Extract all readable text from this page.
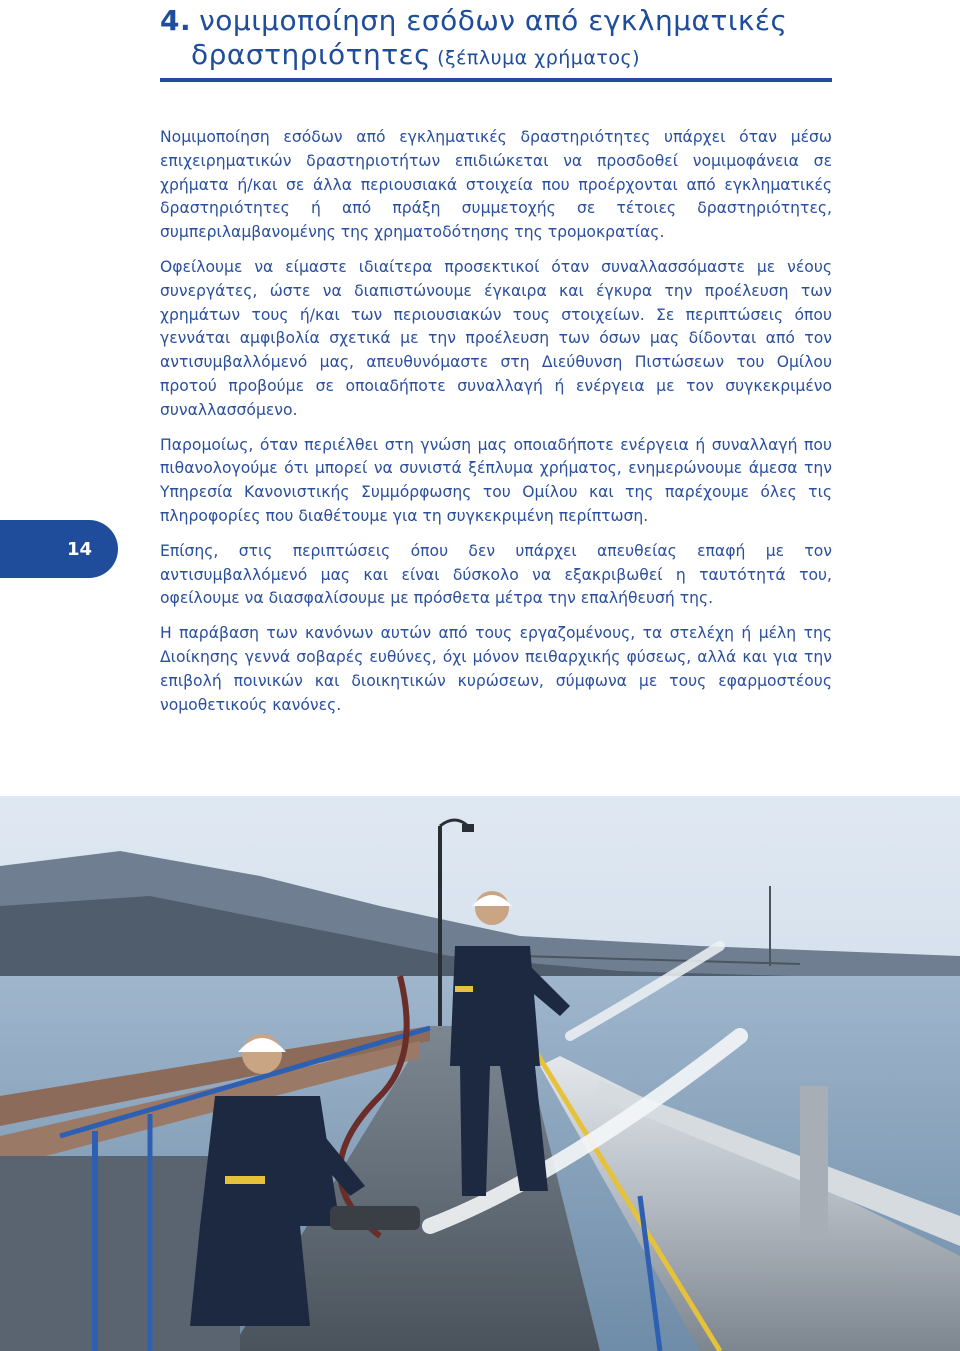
4. νομιμοποίηση εσόδων από εγκληματικές
δραστηριότητες (ξέπλυμα χρήματος)
14

Νομιμοποίηση εσόδων από εγκληματικές δραστηριότητες υπάρχει όταν μέσω επιχειρηματικών δραστηριοτήτων επιδιώκεται να προσδοθεί νομιμοφάνεια σε χρήματα ή/και σε άλλα περιουσιακά στοιχεία που προέρχονται από εγκληματικές δραστηριότητες ή από πράξη συμμετοχής σε τέτοιες δραστηριότητες, συμπεριλαμβανομένης της χρηματοδότησης της τρομοκρατίας.

Οφείλουμε να είμαστε ιδιαίτερα προσεκτικοί όταν συναλλασσόμαστε με νέους συνεργάτες, ώστε να διαπιστώνουμε έγκαιρα και έγκυρα την προέλευση των χρημάτων τους ή/και των περιουσιακών τους στοιχείων. Σε περιπτώσεις όπου γεννάται αμφιβολία σχετικά με την προέλευση των όσων μας δίδονται από τον αντισυμβαλλόμενό μας, απευθυνόμαστε στη Διεύθυνση Πιστώσεων του Ομίλου προτού προβούμε σε οποιαδήποτε συναλλαγή ή ενέργεια με τον συγκεκριμένο συναλλασσόμενο.

Παρομοίως, όταν περιέλθει στη γνώση μας οποιαδήποτε ενέργεια ή συναλλαγή που πιθανολογούμε ότι μπορεί να συνιστά ξέπλυμα χρήματος, ενημερώνουμε άμεσα την Υπηρεσία Κανονιστικής Συμμόρφωσης του Ομίλου και της παρέχουμε όλες τις πληροφορίες που διαθέτουμε για τη συγκεκριμένη περίπτωση.

Επίσης, στις περιπτώσεις όπου δεν υπάρχει απευθείας επαφή με τον αντισυμβαλλόμενό μας και είναι δύσκολο να εξακριβωθεί η ταυτότητά του, οφείλουμε να διασφαλίσουμε με πρόσθετα μέτρα την επαλήθευσή της.

Η παράβαση των κανόνων αυτών από τους εργαζομένους, τα στελέχη ή μέλη της Διοίκησης γεννά σοβαρές ευθύνες, όχι μόνον πειθαρχικής φύσεως, αλλά και για την επιβολή ποινικών και διοικητικών κυρώσεων, σύμφωνα με τους εφαρμοστέους νομοθετικούς κανόνες.
